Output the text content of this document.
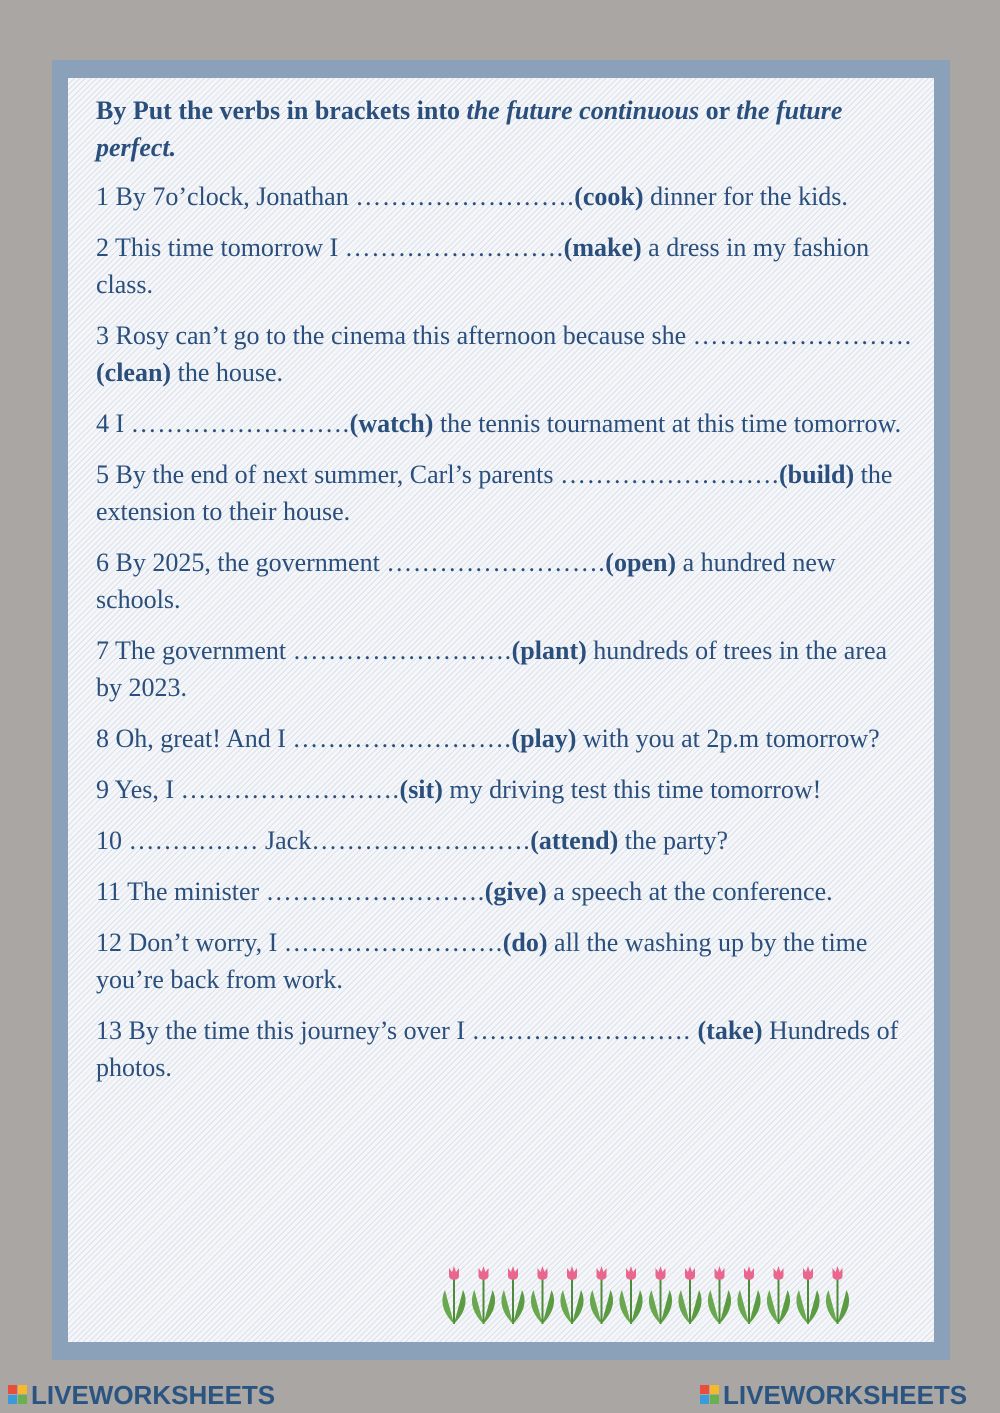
By Put the verbs in brackets into the future continuous or the future perfect.

1 By 7o’clock, Jonathan …………………….(cook) dinner for the kids.

2 This time tomorrow I …………………….(make) a dress in my fashion class.

3 Rosy can’t go to the cinema this afternoon because she …………………….(clean) the house.

4 I …………………….(watch) the tennis tournament at this time tomorrow.

5 By the end of next summer, Carl’s parents …………………….(build) the extension to their house.

6 By 2025, the government …………………….(open) a hundred new schools.

7 The government …………………….(plant) hundreds of trees in the area by 2023.

8 Oh, great! And I …………………….(play) with you at 2p.m tomorrow?

9 Yes, I …………………….(sit) my driving test this time tomorrow!

10 …………… Jack…………………….(attend) the party?

11 The minister …………………….(give) a speech at the conference.

12 Don’t worry, I …………………….(do) all the washing up by the time you’re back from work.

13 By the time this journey’s over I ……………………. (take) Hundreds of photos.

LIVEWORKSHEETS	LIVEWORKSHEETS
